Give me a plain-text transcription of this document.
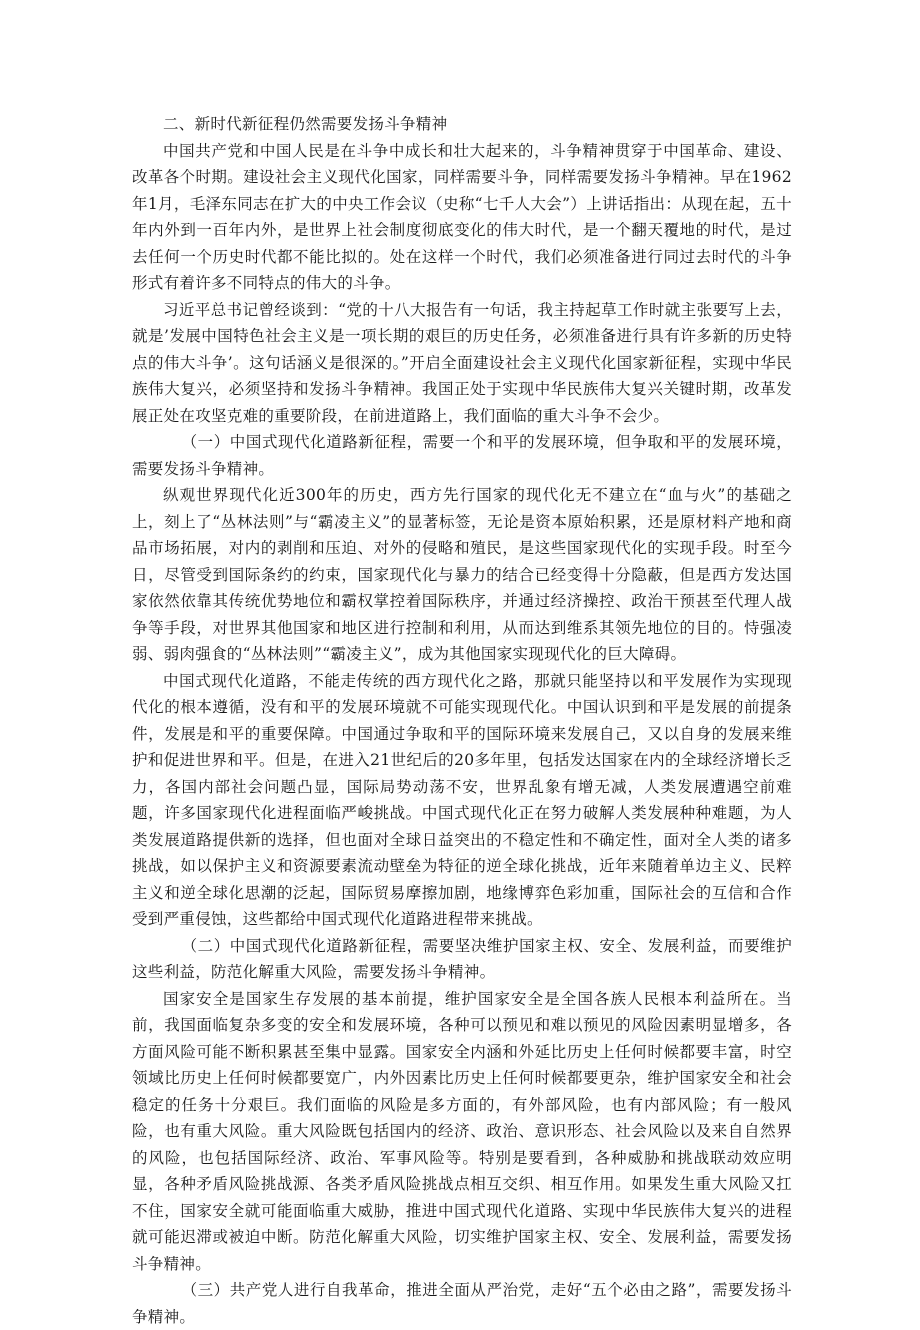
二、新时代新征程仍然需要发扬斗争精神

中国共产党和中国人民是在斗争中成长和壮大起来的，斗争精神贯穿于中国革命、建设、改革各个时期。建设社会主义现代化国家，同样需要斗争，同样需要发扬斗争精神。早在1962年1月，毛泽东同志在扩大的中央工作会议（史称“七千人大会”）上讲话指出：从现在起，五十年内外到一百年内外，是世界上社会制度彻底变化的伟大时代，是一个翻天覆地的时代，是过去任何一个历史时代都不能比拟的。处在这样一个时代，我们必须准备进行同过去时代的斗争形式有着许多不同特点的伟大的斗争。

习近平总书记曾经谈到：“党的十八大报告有一句话，我主持起草工作时就主张要写上去，就是’发展中国特色社会主义是一项长期的艰巨的历史任务，必须准备进行具有许多新的历史特点的伟大斗争’。这句话涵义是很深的。”开启全面建设社会主义现代化国家新征程，实现中华民族伟大复兴，必须坚持和发扬斗争精神。我国正处于实现中华民族伟大复兴关键时期，改革发展正处在攻坚克难的重要阶段，在前进道路上，我们面临的重大斗争不会少。

（一）中国式现代化道路新征程，需要一个和平的发展环境，但争取和平的发展环境，需要发扬斗争精神。

纵观世界现代化近300年的历史，西方先行国家的现代化无不建立在“血与火”的基础之上，刻上了“丛林法则”与“霸凌主义”的显著标签，无论是资本原始积累，还是原材料产地和商品市场拓展，对内的剥削和压迫、对外的侵略和殖民，是这些国家现代化的实现手段。时至今日，尽管受到国际条约的约束，国家现代化与暴力的结合已经变得十分隐蔽，但是西方发达国家依然依靠其传统优势地位和霸权掌控着国际秩序，并通过经济操控、政治干预甚至代理人战争等手段，对世界其他国家和地区进行控制和利用，从而达到维系其领先地位的目的。恃强凌弱、弱肉强食的“丛林法则”“霸凌主义”，成为其他国家实现现代化的巨大障碍。

中国式现代化道路，不能走传统的西方现代化之路，那就只能坚持以和平发展作为实现现代化的根本遵循，没有和平的发展环境就不可能实现现代化。中国认识到和平是发展的前提条件，发展是和平的重要保障。中国通过争取和平的国际环境来发展自己，又以自身的发展来维护和促进世界和平。但是，在进入21世纪后的20多年里，包括发达国家在内的全球经济增长乏力，各国内部社会问题凸显，国际局势动荡不安，世界乱象有增无减，人类发展遭遇空前难题，许多国家现代化进程面临严峻挑战。中国式现代化正在努力破解人类发展种种难题，为人类发展道路提供新的选择，但也面对全球日益突出的不稳定性和不确定性，面对全人类的诸多挑战，如以保护主义和资源要素流动壁垒为特征的逆全球化挑战，近年来随着单边主义、民粹主义和逆全球化思潮的泛起，国际贸易摩擦加剧，地缘博弈色彩加重，国际社会的互信和合作受到严重侵蚀，这些都给中国式现代化道路进程带来挑战。

（二）中国式现代化道路新征程，需要坚决维护国家主权、安全、发展利益，而要维护这些利益，防范化解重大风险，需要发扬斗争精神。

国家安全是国家生存发展的基本前提，维护国家安全是全国各族人民根本利益所在。当前，我国面临复杂多变的安全和发展环境，各种可以预见和难以预见的风险因素明显增多，各方面风险可能不断积累甚至集中显露。国家安全内涵和外延比历史上任何时候都要丰富，时空领域比历史上任何时候都要宽广，内外因素比历史上任何时候都要更杂，维护国家安全和社会稳定的任务十分艰巨。我们面临的风险是多方面的，有外部风险，也有内部风险；有一般风险，也有重大风险。重大风险既包括国内的经济、政治、意识形态、社会风险以及来自自然界的风险，也包括国际经济、政治、军事风险等。特别是要看到，各种威胁和挑战联动效应明显，各种矛盾风险挑战源、各类矛盾风险挑战点相互交织、相互作用。如果发生重大风险又扛不住，国家安全就可能面临重大威胁，推进中国式现代化道路、实现中华民族伟大复兴的进程就可能迟滞或被迫中断。防范化解重大风险，切实维护国家主权、安全、发展利益，需要发扬斗争精神。

（三）共产党人进行自我革命，推进全面从严治党，走好“五个必由之路”，需要发扬斗争精神。
